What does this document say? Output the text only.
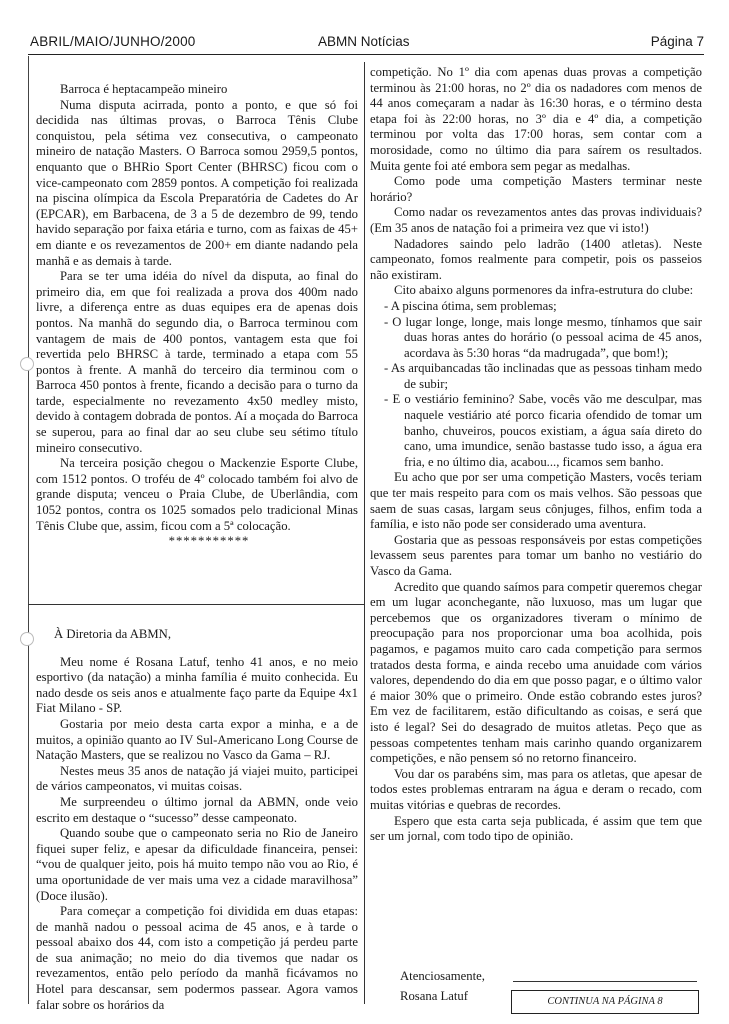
ABRIL/MAIO/JUNHO/2000	ABMN Notícias	Página 7

Barroca é heptacampeão mineiro

Numa disputa acirrada, ponto a ponto, e que só foi decidida nas últimas provas, o Barroca Tênis Clube conquistou, pela sétima vez consecutiva, o campeonato mineiro de natação Masters. O Barroca somou 2959,5 pontos, enquanto que o BHRio Sport Center (BHRSC) ficou com o vice-campeonato com 2859 pontos. A competição foi realizada na piscina olímpica da Escola Preparatória de Cadetes do Ar (EPCAR), em Barbacena, de 3 a 5 de dezembro de 99, tendo havido separação por faixa etária e turno, com as faixas de 45+ em diante e os revezamentos de 200+ em diante nadando pela manhã e as demais à tarde.

Para se ter uma idéia do nível da disputa, ao final do primeiro dia, em que foi realizada a prova dos 400m nado livre, a diferença entre as duas equipes era de apenas dois pontos. Na manhã do segundo dia, o Barroca terminou com vantagem de mais de 400 pontos, vantagem esta que foi revertida pelo BHRSC à tarde, terminado a etapa com 55 pontos à frente. A manhã do terceiro dia terminou com o Barroca 450 pontos à frente, ficando a decisão para o turno da tarde, especialmente no revezamento 4x50 medley misto, devido à contagem dobrada de pontos. Aí a moçada do Barroca se superou, para ao final dar ao seu clube seu sétimo título mineiro consecutivo.

Na terceira posição chegou o Mackenzie Esporte Clube, com 1512 pontos. O troféu de 4º colocado também foi alvo de grande disputa; venceu o Praia Clube, de Uberlândia, com 1052 pontos, contra os 1025 somados pelo tradicional Minas Tênis Clube que, assim, ficou com a 5ª colocação.

***********

À Diretoria da ABMN,

Meu nome é Rosana Latuf, tenho 41 anos, e no meio esportivo (da natação) a minha família é muito conhecida. Eu nado desde os seis anos e atualmente faço parte da Equipe 4x1 Fiat Milano - SP.

Gostaria por meio desta carta expor a minha, e a de muitos, a opinião quanto ao IV Sul-Americano Long Course de Natação Masters, que se realizou no Vasco da Gama – RJ.

Nestes meus 35 anos de natação já viajei muito, participei de vários campeonatos, vi muitas coisas.

Me surpreendeu o último jornal da ABMN, onde veio escrito em destaque o “sucesso” desse campeonato.

Quando soube que o campeonato seria no Rio de Janeiro fiquei super feliz, e apesar da dificuldade financeira, pensei: “vou de qualquer jeito, pois há muito tempo não vou ao Rio, é uma oportunidade de ver mais uma vez a cidade maravilhosa” (Doce ilusão).

Para começar a competição foi dividida em duas etapas: de manhã nadou o pessoal acima de 45 anos, e à tarde o pessoal abaixo dos 44, com isto a competição já perdeu parte de sua animação; no meio do dia tivemos que nadar os revezamentos, então pelo período da manhã ficávamos no Hotel para descansar, sem podermos passear. Agora vamos falar sobre os horários da

competição. No 1º dia com apenas duas provas a competição terminou às 21:00 horas, no 2º dia os nadadores com menos de 44 anos começaram a nadar às 16:30 horas, e o término desta etapa foi às 22:00 horas, no 3º dia e 4º dia, a competição terminou por volta das 17:00 horas, sem contar com a morosidade, como no último dia para saírem os resultados. Muita gente foi até embora sem pegar as medalhas.

Como pode uma competição Masters terminar neste horário?

Como nadar os revezamentos antes das provas individuais? (Em 35 anos de natação foi a primeira vez que vi isto!)

Nadadores saindo pelo ladrão (1400 atletas). Neste campeonato, fomos realmente para competir, pois os passeios não existiram.

Cito abaixo alguns pormenores da infra-estrutura do clube:

- A piscina ótima, sem problemas;

- O lugar longe, longe, mais longe mesmo, tínhamos que sair duas horas antes do horário (o pessoal acima de 45 anos, acordava às 5:30 horas “da madrugada”, que bom!);

- As arquibancadas tão inclinadas que as pessoas tinham medo de subir;

- E o vestiário feminino? Sabe, vocês vão me desculpar, mas naquele vestiário até porco ficaria ofendido de tomar um banho, chuveiros, poucos existiam, a água saía direto do cano, uma imundice, senão bastasse tudo isso, a água era fria, e no último dia, acabou..., ficamos sem banho.

Eu acho que por ser uma competição Masters, vocês teriam que ter mais respeito para com os mais velhos. São pessoas que saem de suas casas, largam seus cônjuges, filhos, enfim toda a família, e isto não pode ser considerado uma aventura.

Gostaria que as pessoas responsáveis por estas competições levassem seus parentes para tomar um banho no vestiário do Vasco da Gama.

Acredito que quando saímos para competir queremos chegar em um lugar aconchegante, não luxuoso, mas um lugar que percebemos que os organizadores tiveram o mínimo de preocupação para nos proporcionar uma boa acolhida, pois pagamos, e pagamos muito caro cada competição para sermos tratados desta forma, e ainda recebo uma anuidade com vários valores, dependendo do dia em que posso pagar, e o último valor é maior 30% que o primeiro. Onde estão cobrando estes juros? Em vez de facilitarem, estão dificultando as coisas, e será que isto é legal? Sei do desagrado de muitos atletas. Peço que as pessoas competentes tenham mais carinho quando organizarem competições, e não pensem só no retorno financeiro.

Vou dar os parabéns sim, mas para os atletas, que apesar de todos estes problemas entraram na água e deram o recado, com muitas vitórias e quebras de recordes.

Espero que esta carta seja publicada, é assim que tem que ser um jornal, com todo tipo de opinião.

Atenciosamente,
Rosana Latuf	CONTINUA NA PÁGINA 8
